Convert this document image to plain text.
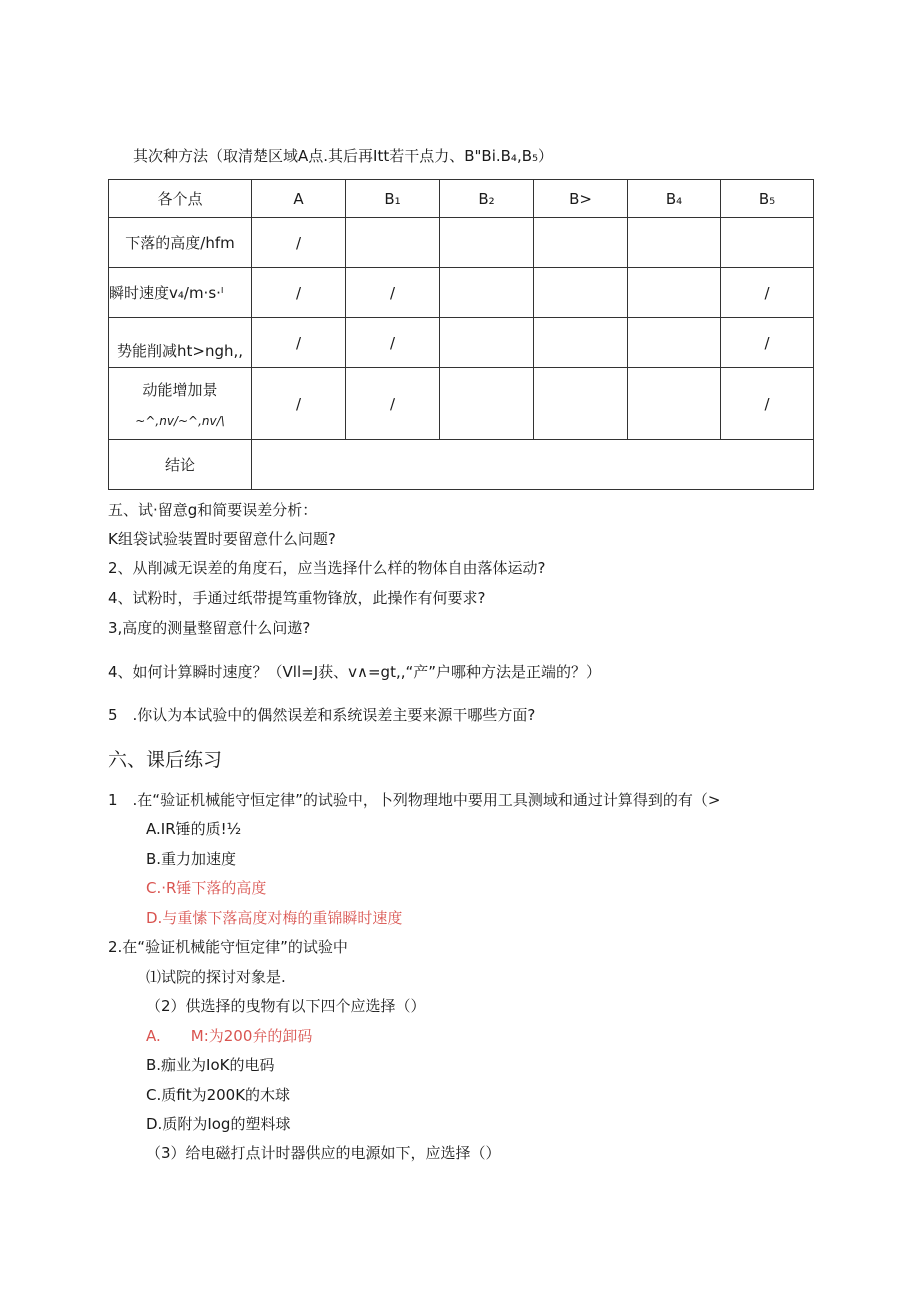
其次种方法（取清楚区域A点.其后再Itt若干点力、B"Bi.B₄,B₅）
各个点	A	B₁	B₂	B>	B₄	B₅
下落的高度/hfm	/					
瞬时速度v₄/m·s·ˡ	/	/				/
势能削减ht>ngh,,	/	/				/

动能增加景
~^,nv/~^,nv/\	/	∕				/
结论						
五、试·留意g和简要误差分析：
K组袋试验装置时要留意什么问题?
2、从削减无误差的角度石，应当选择什么样的物体自由落体运动?
4、试粉时，手通过纸带提笃重物锋放，此操作有何要求?
3,高度的测量整留意什么问遨?
4、如何计算瞬时速度？（Vll=J获、v∧=gt,,“产”户哪种方法是正端的？）
5　.你认为本试验中的偶然误差和系统误差主要来源干哪些方面?
六、课后练习
1　.在“验证机械能守恒定律”的试验中，卜列物理地中要用工具测域和通过计算得到的有（>
A.IR锤的质!½
B.重力加速度
C.·R锤下落的高度
D.与重愫下落高度对梅的重锦瞬时速度
2.在“验证机械能守恒定律”的试验中
⑴试院的探讨对象是.
（2）供选择的曳物有以下四个应选择（）
A.　　M:为200弁的卸码
B.痂业为IoK的电码
C.质fit为200K的木球
D.质附为Iog的塑料球
（3）给电磁打点计时器供应的电源如下，应选择（）
